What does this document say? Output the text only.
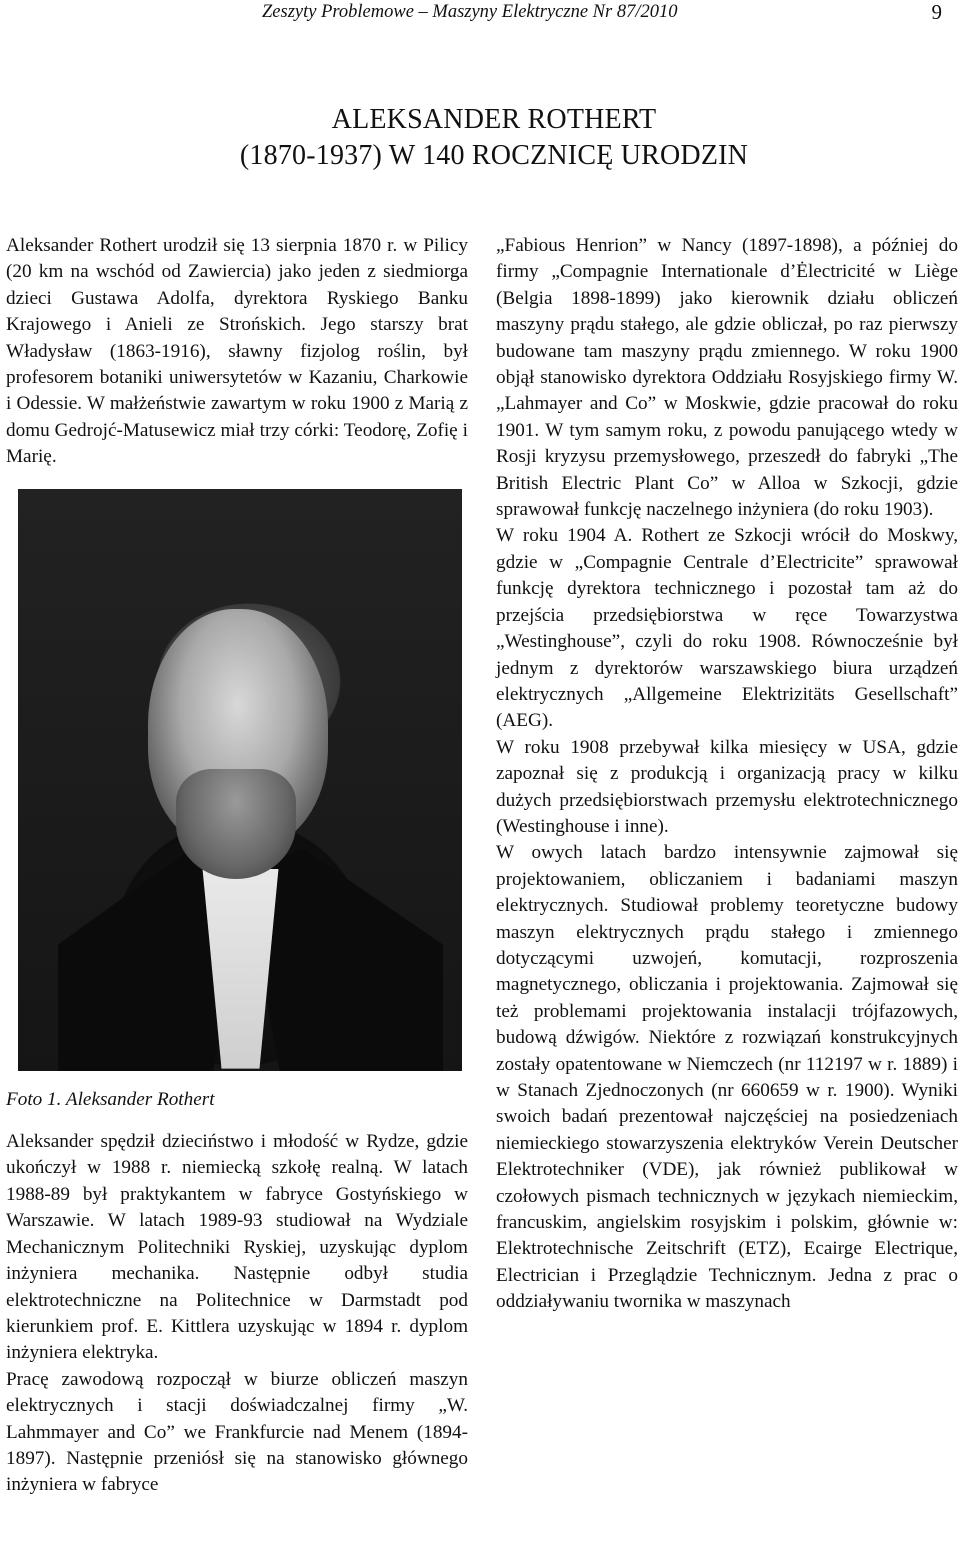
Zeszyty Problemowe – Maszyny Elektryczne Nr 87/2010	9
ALEKSANDER ROTHERT
(1870-1937) W 140 ROCZNICĘ URODZIN

Aleksander Rothert urodził się 13 sierpnia 1870 r. w Pilicy (20 km na wschód od Zawiercia) jako jeden z siedmiorga dzieci Gustawa Adolfa, dyrektora Ryskiego Banku Krajowego i Anieli ze Strońskich. Jego starszy brat Władysław (1863-1916), sławny fizjolog roślin, był profesorem botaniki uniwersytetów w Kazaniu, Charkowie i Odessie. W małżeństwie zawartym w roku 1900 z Marią z domu Gedrojć-Matusewicz miał trzy córki: Teodorę, Zofię i Marię.

Foto 1. Aleksander Rothert

Aleksander spędził dzieciństwo i młodość w Rydze, gdzie ukończył w 1988 r. niemiecką szkołę realną. W latach 1988-89 był praktykantem w fabryce Gostyńskiego w Warszawie. W latach 1989-93 studiował na Wydziale Mechanicznym Politechniki Ryskiej, uzyskując dyplom inżyniera mechanika. Następnie odbył studia elektrotechniczne na Politechnice w Darmstadt pod kierunkiem prof. E. Kittlera uzyskując w 1894 r. dyplom inżyniera elektryka.

Pracę zawodową rozpoczął w biurze obliczeń maszyn elektrycznych i stacji doświadczalnej firmy „W. Lahmmayer and Co” we Frankfurcie nad Menem (1894-1897). Następnie przeniósł się na stanowisko głównego inżyniera w fabryce

„Fabious Henrion” w Nancy (1897-1898), a później do firmy „Compagnie Internationale d’Ėlectricité w Liège (Belgia 1898-1899) jako kierownik działu obliczeń maszyny prądu stałego, ale gdzie obliczał, po raz pierwszy budowane tam maszyny prądu zmiennego. W roku 1900 objął stanowisko dyrektora Oddziału Rosyjskiego firmy W. „Lahmayer and Co” w Moskwie, gdzie pracował do roku 1901. W tym samym roku, z powodu panującego wtedy w Rosji kryzysu przemysłowego, przeszedł do fabryki „The British Electric Plant Co” w Alloa w Szkocji, gdzie sprawował funkcję naczelnego inżyniera (do roku 1903).

W roku 1904 A. Rothert ze Szkocji wrócił do Moskwy, gdzie w „Compagnie Centrale d’Electricite” sprawował funkcję dyrektora technicznego i pozostał tam aż do przejścia przedsiębiorstwa w ręce Towarzystwa „Westinghouse”, czyli do roku 1908. Równocześnie był jednym z dyrektorów warszawskiego biura urządzeń elektrycznych „Allgemeine Elektrizitäts Gesellschaft” (AEG).

W roku 1908 przebywał kilka miesięcy w USA, gdzie zapoznał się z produkcją i organizacją pracy w kilku dużych przedsiębiorstwach przemysłu elektrotechnicznego (Westinghouse i inne).

W owych latach bardzo intensywnie zajmował się projektowaniem, obliczaniem i badaniami maszyn elektrycznych. Studiował problemy teoretyczne budowy maszyn elektrycznych prądu stałego i zmiennego dotyczącymi uzwojeń, komutacji, rozproszenia magnetycznego, obliczania i projektowania. Zajmował się też problemami projektowania instalacji trójfazowych, budową dźwigów. Niektóre z rozwiązań konstrukcyjnych zostały opatentowane w Niemczech (nr 112197 w r. 1889) i w Stanach Zjednoczonych (nr 660659 w r. 1900). Wyniki swoich badań prezentował najczęściej na posiedzeniach niemieckiego stowarzyszenia elektryków Verein Deutscher Elektrotechniker (VDE), jak również publikował w czołowych pismach technicznych w językach niemieckim, francuskim, angielskim rosyjskim i polskim, głównie w: Elektrotechnische Zeitschrift (ETZ), Ecairge Electrique, Electrician i Przeglądzie Technicznym. Jedna z prac o oddziaływaniu twornika w maszynach
